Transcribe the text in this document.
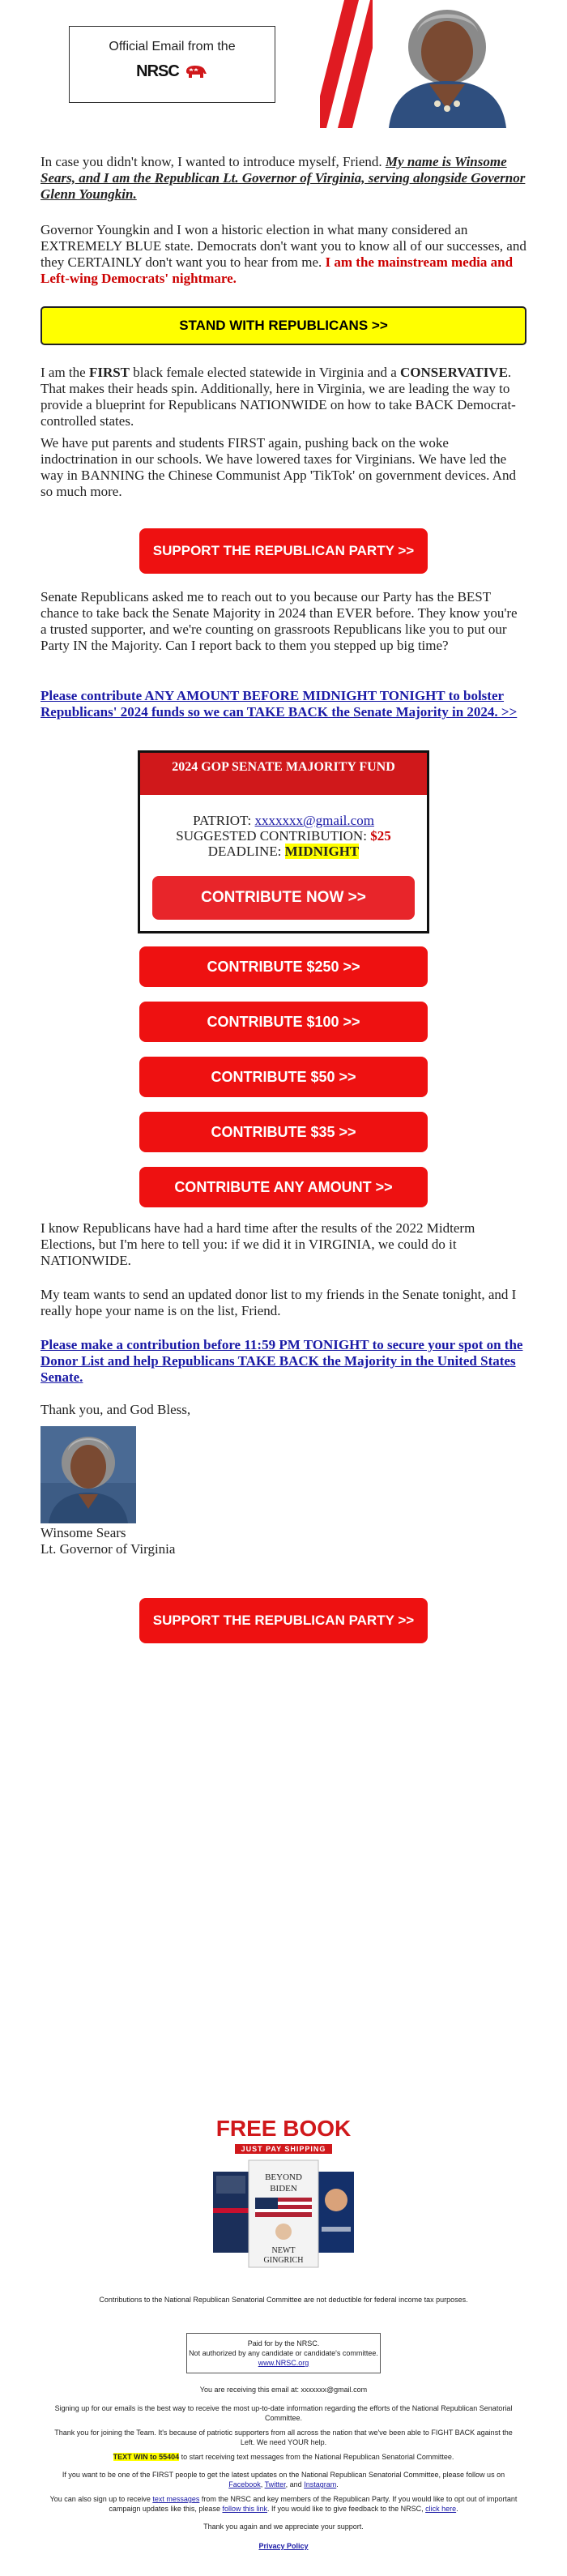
Official Email from the
NRSC
In case you didn't know, I wanted to introduce myself, Friend. My name is Winsome Sears, and I am the Republican Lt. Governor of Virginia, serving alongside Governor Glenn Youngkin.
Governor Youngkin and I won a historic election in what many considered an EXTREMELY BLUE state. Democrats don't want you to know all of our successes, and they CERTAINLY don't want you to hear from me. I am the mainstream media and Left-wing Democrats' nightmare.
STAND WITH REPUBLICANS >>
I am the FIRST black female elected statewide in Virginia and a CONSERVATIVE. That makes their heads spin. Additionally, here in Virginia, we are leading the way to provide a blueprint for Republicans NATIONWIDE on how to take BACK Democrat-controlled states.
We have put parents and students FIRST again, pushing back on the woke indoctrination in our schools. We have lowered taxes for Virginians. We have led the way in BANNING the Chinese Communist App 'TikTok' on government devices. And so much more.
SUPPORT THE REPUBLICAN PARTY >>
Senate Republicans asked me to reach out to you because our Party has the BEST chance to take back the Senate Majority in 2024 than EVER before. They know you're a trusted supporter, and we're counting on grassroots Republicans like you to put our Party IN the Majority. Can I report back to them you stepped up big time?
Please contribute ANY AMOUNT BEFORE MIDNIGHT TONIGHT to bolster Republicans' 2024 funds so we can TAKE BACK the Senate Majority in 2024. >>
2024 GOP SENATE MAJORITY FUND
PATRIOT: xxxxxxx@gmail.com
SUGGESTED CONTRIBUTION: $25
DEADLINE: MIDNIGHT
CONTRIBUTE NOW >>
CONTRIBUTE $250 >>
CONTRIBUTE $100 >>
CONTRIBUTE $50 >>
CONTRIBUTE $35 >>
CONTRIBUTE ANY AMOUNT >>
I know Republicans have had a hard time after the results of the 2022 Midterm Elections, but I'm here to tell you: if we did it in VIRGINIA, we could do it NATIONWIDE.
My team wants to send an updated donor list to my friends in the Senate tonight, and I really hope your name is on the list, Friend.
Please make a contribution before 11:59 PM TONIGHT to secure your spot on the Donor List and help Republicans TAKE BACK the Majority in the United States Senate.
Thank you, and God Bless,
Winsome Sears
Lt. Governor of Virginia
SUPPORT THE REPUBLICAN PARTY >>
FREE BOOK
JUST PAY SHIPPING
BEYOND
BIDEN
NEWT
GINGRICH
Contributions to the National Republican Senatorial Committee are not deductible for federal income tax purposes.
Paid for by the NRSC.
Not authorized by any candidate or candidate's committee.
www.NRSC.org
You are receiving this email at: xxxxxxx@gmail.com
Signing up for our emails is the best way to receive the most up-to-date information regarding the efforts of the National Republican Senatorial Committee.
Thank you for joining the Team. It's because of patriotic supporters from all across the nation that we've been able to FIGHT BACK against the Left. We need YOUR help.
TEXT WIN to 55404 to start receiving text messages from the National Republican Senatorial Committee.
If you want to be one of the FIRST people to get the latest updates on the National Republican Senatorial Committee, please follow us on Facebook, Twitter, and Instagram.
You can also sign up to receive text messages from the NRSC and key members of the Republican Party. If you would like to opt out of important campaign updates like this, please follow this link. If you would like to give feedback to the NRSC, click here.
Thank you again and we appreciate your support.
Privacy Policy
